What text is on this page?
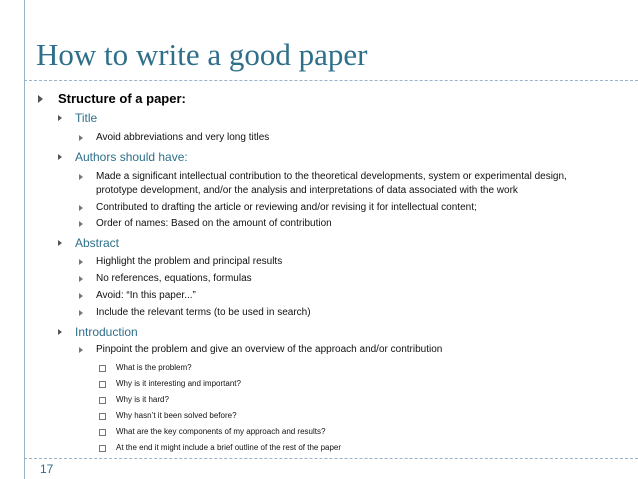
How to write a good paper
Structure of a paper:
Title
Avoid abbreviations and very long titles
Authors should have:
Made a significant intellectual contribution to the theoretical developments, system or experimental design,
prototype development, and/or the analysis and interpretations of data associated with the work
Contributed to drafting the article or reviewing and/or revising it for intellectual content;
Order of names: Based on the amount of contribution
Abstract
Highlight the problem and principal results
No references, equations, formulas
Avoid: “In this paper...”
Include the relevant terms (to be used in search)
Introduction
Pinpoint the problem and give an overview of the approach and/or contribution
What is the problem?
Why is it interesting and important?
Why is it hard?
Why hasn’t it been solved before?
What are the key components of my approach and results?
At the end it might include a brief outline of the rest of the paper
17
